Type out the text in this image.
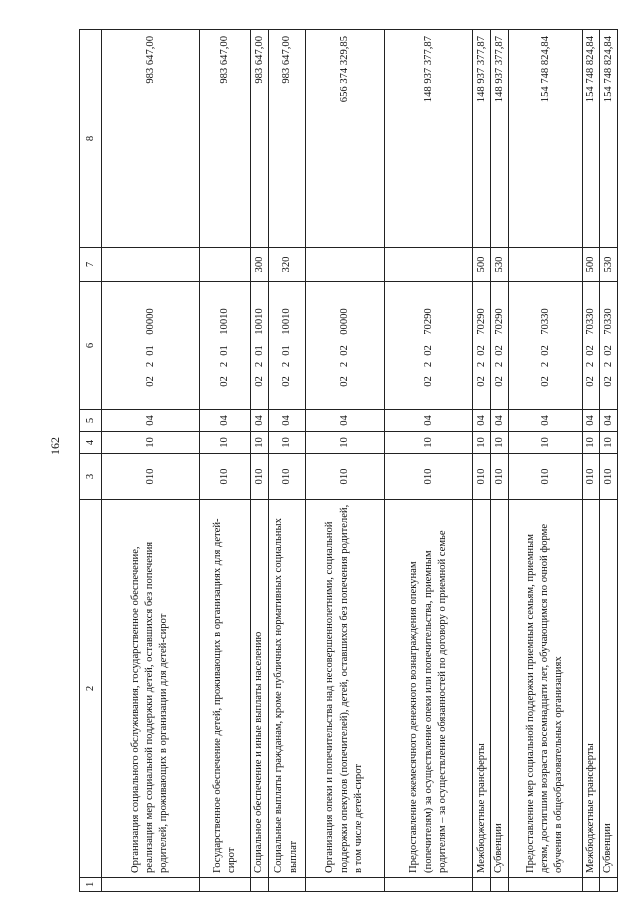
162
1	2	3	4	5	6	7	8
	Организация социального обслуживания, государственное обеспечение, реализация мер социальной поддержки детей, оставшихся без попечения родителей, проживающих в организации для детей-сирот	010	10	04	0220100000		983 647,00
	Государственное обеспечение детей, проживающих в организациях для детей-сирот	010	10	04	0220110010		983 647,00
	Социальное обеспечение и иные выплаты населению	010	10	04	0220110010	300	983 647,00
	Социальные выплаты гражданам, кроме публичных нормативных социальных выплат	010	10	04	0220110010	320	983 647,00
	Организация опеки и попечительства над несовершеннолетними, социальной поддержки опекунов (попечителей), детей, оставшихся без попечения родителей, в том числе детей-сирот	010	10	04	0220200000		656 374 329,85
	Предоставление ежемесячного денежного вознаграждения опекунам (попечителям) за осуществление опеки или попечительства, приемным родителям – за осуществление обязанностей по договору о приемной семье	010	10	04	0220270290		148 937 377,87
	Межбюджетные трансферты	010	10	04	0220270290	500	148 937 377,87
	Субвенции	010	10	04	0220270290	530	148 937 377,87
	Предоставление мер социальной поддержки приемным семьям, приемным детям, достигшим возраста восемнадцати лет, обучающимся по очной форме обучения в общеобразовательных организациях	010	10	04	0220270330		154 748 824,84
	Межбюджетные трансферты	010	10	04	0220270330	500	154 748 824,84
	Субвенции	010	10	04	0220270330	530	154 748 824,84
